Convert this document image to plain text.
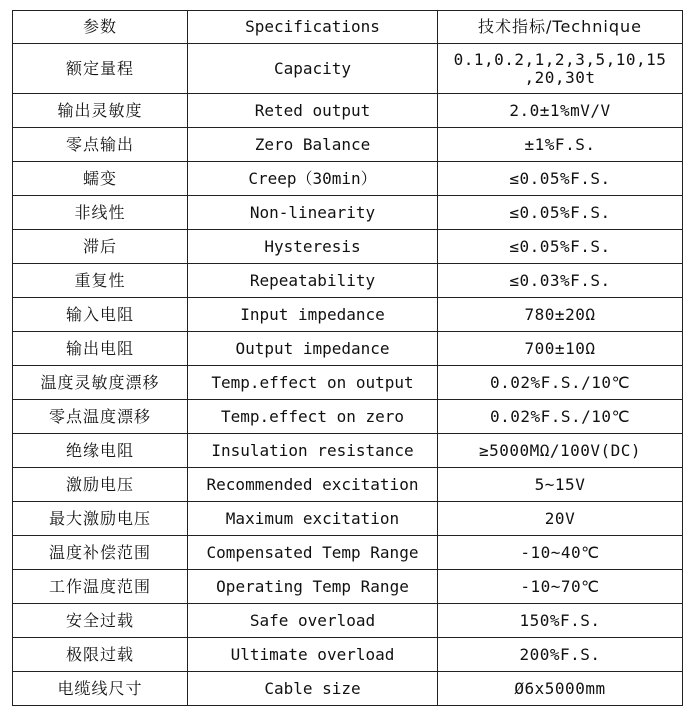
参数	Specifications	技术指标/Technique
额定量程	Capacity	0.1,0.2,1,2,3,5,10,15 ,20,30t
输出灵敏度	Reted output	2.0±1%mV/V
零点输出	Zero Balance	±1%F.S.
蠕变	Creep（30min）	≤0.05%F.S.
非线性	Non-linearity	≤0.05%F.S.
滞后	Hysteresis	≤0.05%F.S.
重复性	Repeatability	≤0.03%F.S.
输入电阻	Input impedance	780±20Ω
输出电阻	Output impedance	700±10Ω
温度灵敏度漂移	Temp.effect on output	0.02%F.S./10℃
零点温度漂移	Temp.effect on zero	0.02%F.S./10℃
绝缘电阻	Insulation resistance	≥5000MΩ/100V(DC)
激励电压	Recommended excitation	5~15V
最大激励电压	Maximum excitation	20V
温度补偿范围	Compensated Temp Range	-10~40℃
工作温度范围	Operating Temp Range	-10~70℃
安全过载	Safe overload	150%F.S.
极限过载	Ultimate overload	200%F.S.
电缆线尺寸	Cable size	Ø6x5000mm
